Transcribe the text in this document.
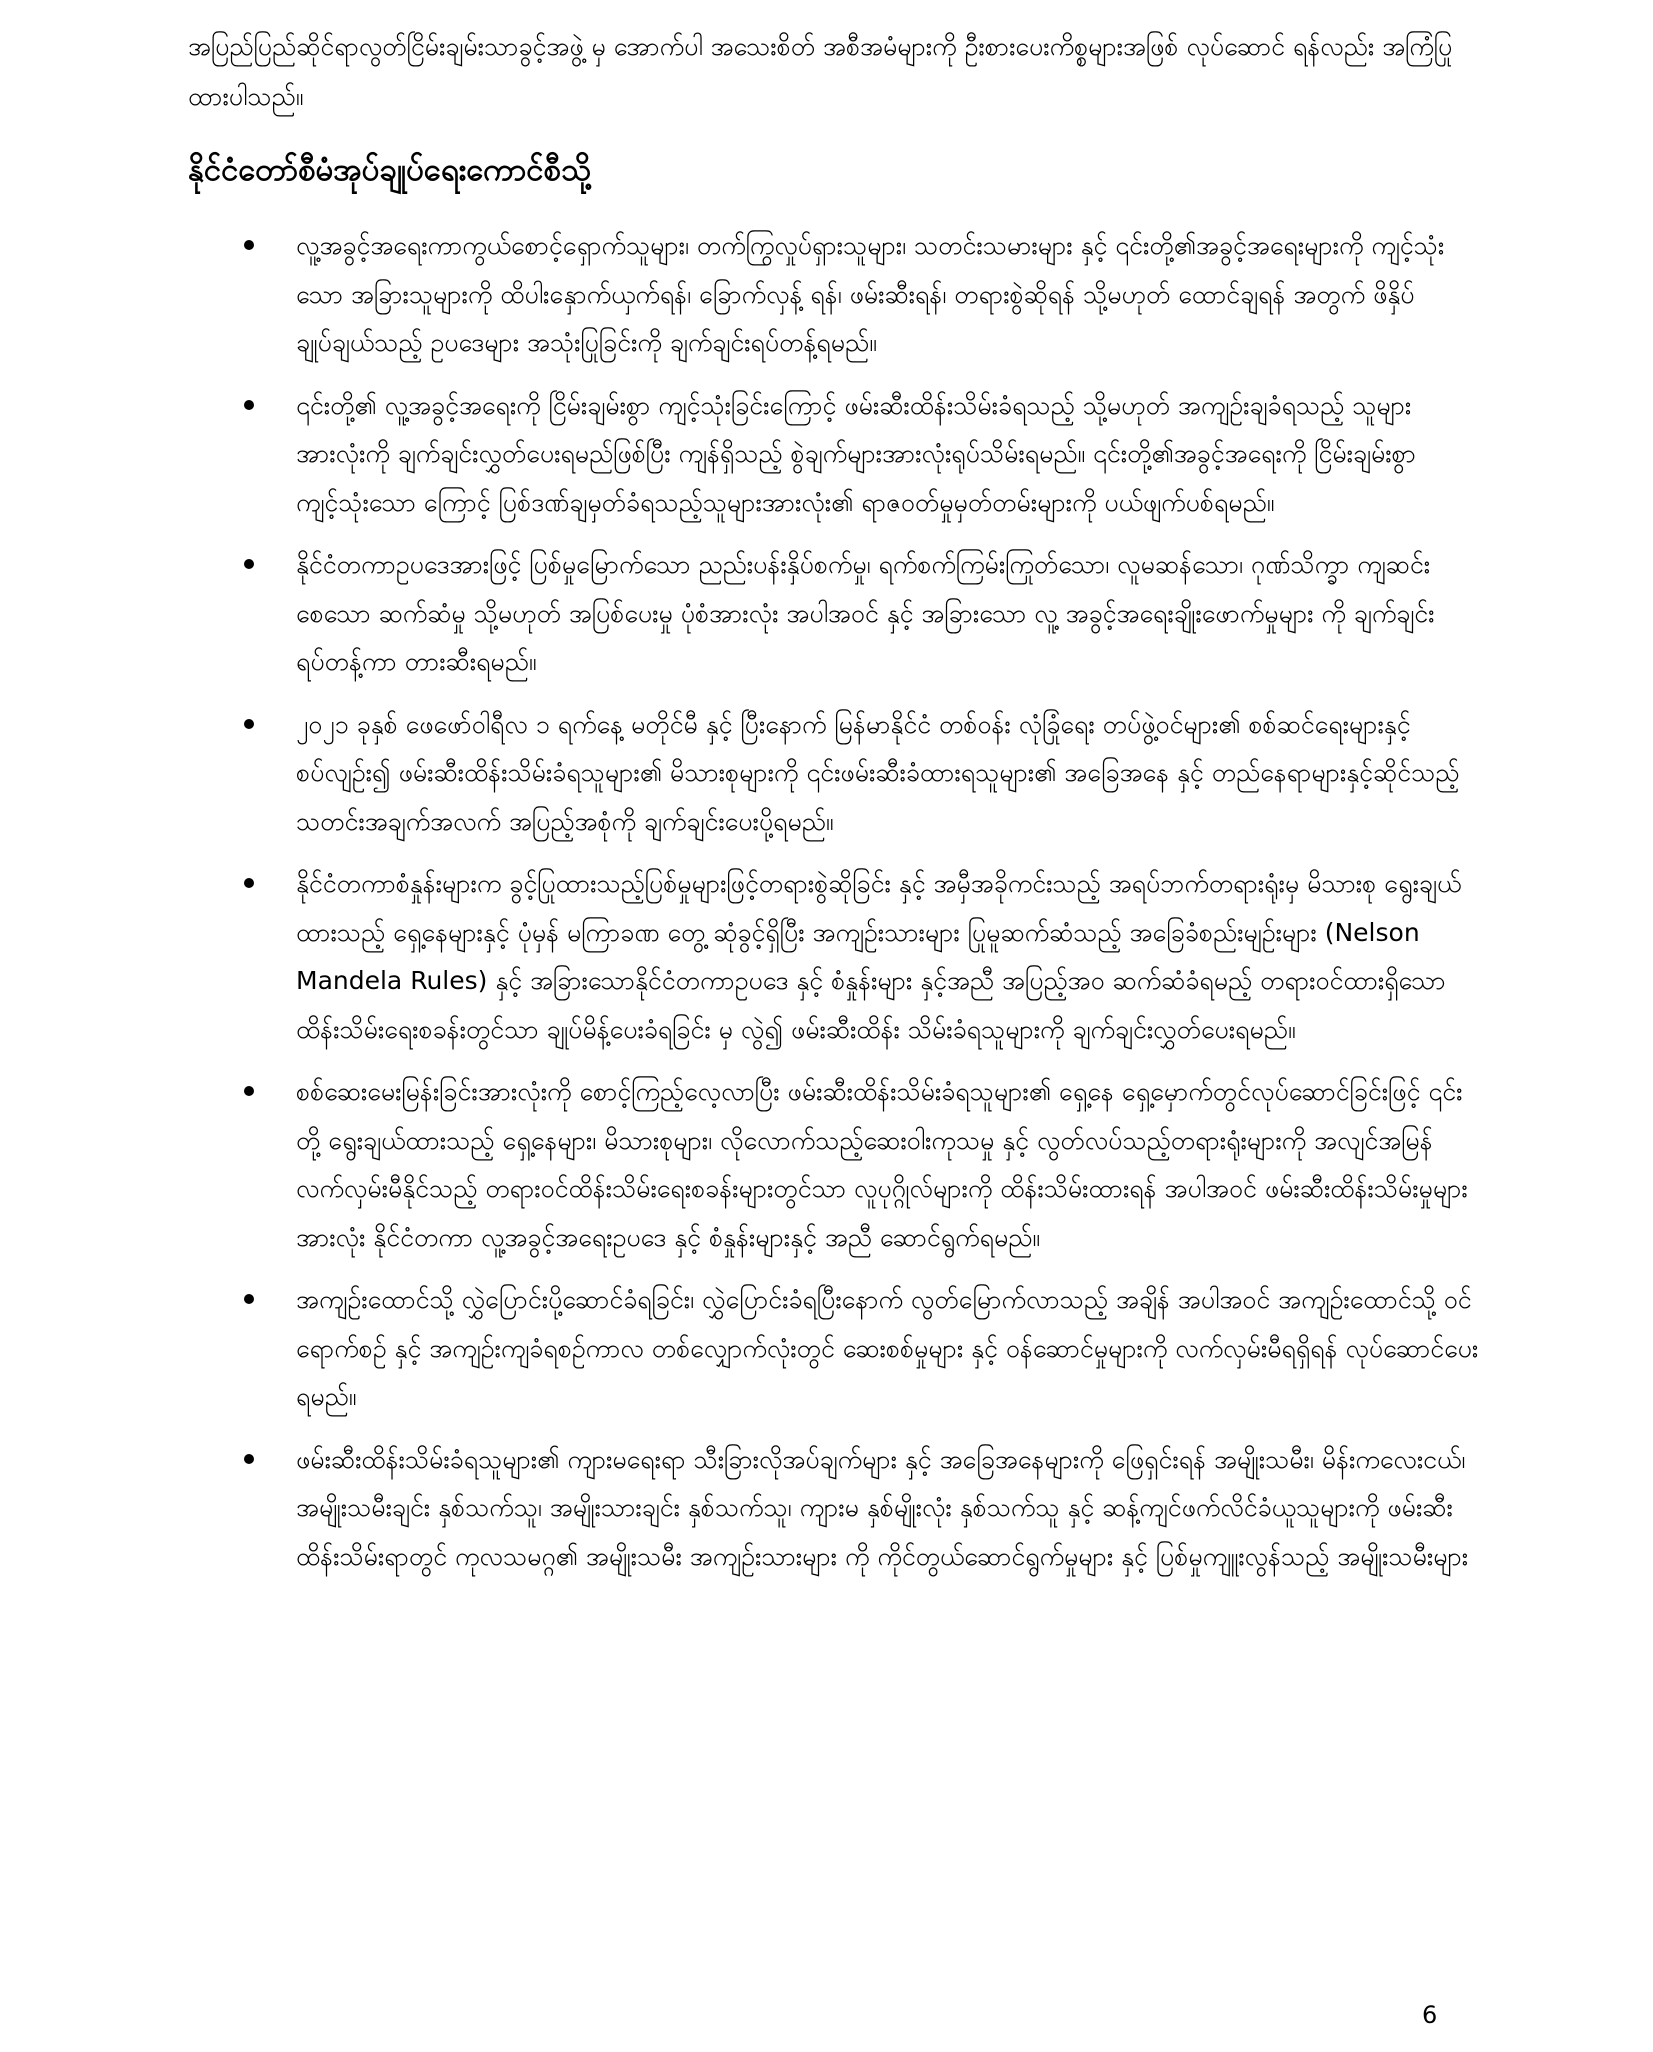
အပြည်ပြည်ဆိုင်ရာလွတ်ငြိမ်းချမ်းသာခွင့်အဖွဲ့ မှ အောက်ပါ အသေးစိတ် အစီအမံများကို ဦးစားပေးကိစ္စများအဖြစ် လုပ်ဆောင် ရန်လည်း အကြံပြုထားပါသည်။

နိုင်ငံတော်စီမံအုပ်ချုပ်ရေးကောင်စီသို့
လူ့အခွင့်အရေးကာကွယ်စောင့်ရှောက်သူများ၊ တက်ကြွလှုပ်ရှားသူများ၊ သတင်းသမားများ နှင့် ၎င်းတို့၏အခွင့်အရေးများကို ကျင့်သုံးသော အခြားသူများကို ထိပါးနှောက်ယှက်ရန်၊ ခြောက်လှန့် ရန်၊ ဖမ်းဆီးရန်၊ တရားစွဲဆိုရန် သို့မဟုတ် ထောင်ချရန် အတွက် ဖိနှိပ်ချုပ်ချယ်သည့် ဥပဒေများ အသုံးပြုခြင်းကို ချက်ချင်းရပ်တန့်ရမည်။
၎င်းတို့၏ လူ့အခွင့်အရေးကို ငြိမ်းချမ်းစွာ ကျင့်သုံးခြင်းကြောင့် ဖမ်းဆီးထိန်းသိမ်းခံရသည့် သို့မဟုတ် အကျဉ်းချခံရသည့် သူများအားလုံးကို ချက်ချင်းလွှတ်ပေးရမည်ဖြစ်ပြီး ကျန်ရှိသည့် စွဲချက်များအားလုံးရုပ်သိမ်းရမည်။ ၎င်းတို့၏အခွင့်အရေးကို ငြိမ်းချမ်းစွာ ကျင့်သုံးသော ကြောင့် ပြစ်ဒဏ်ချမှတ်ခံရသည့်သူများအားလုံး၏ ရာဇဝတ်မှုမှတ်တမ်းများကို ပယ်ဖျက်ပစ်ရမည်။
နိုင်ငံတကာဥပဒေအားဖြင့် ပြစ်မှုမြောက်သော ညည်းပန်းနှိပ်စက်မှု၊ ရက်စက်ကြမ်းကြုတ်သော၊ လူမဆန်သော၊ ဂုဏ်သိက္ခာ ကျဆင်းစေသော ဆက်ဆံမှု သို့မဟုတ် အပြစ်ပေးမှု ပုံစံအားလုံး အပါအဝင် နှင့် အခြားသော လူ့ အခွင့်အရေးချိုးဖောက်မှုများ ကို ချက်ချင်းရပ်တန့်ကာ တားဆီးရမည်။
၂၀၂၁ ခုနှစ် ဖေဖော်ဝါရီလ ၁ ရက်နေ့ မတိုင်မီ နှင့် ပြီးနောက် မြန်မာနိုင်ငံ တစ်ဝန်း လုံခြုံရေး တပ်ဖွဲ့ဝင်များ၏ စစ်ဆင်ရေးများနှင့် စပ်လျဉ်း၍ ဖမ်းဆီးထိန်းသိမ်းခံရသူများ၏ မိသားစုများကို ၎င်းဖမ်းဆီးခံထားရသူများ၏ အခြေအနေ နှင့် တည်နေရာများနှင့်ဆိုင်သည့် သတင်းအချက်အလက် အပြည့်အစုံကို ချက်ချင်းပေးပို့ရမည်။
နိုင်ငံတကာစံနှုန်းများက ခွင့်ပြုထားသည့်ပြစ်မှုများဖြင့်တရားစွဲဆိုခြင်း နှင့် အမှီအခိုကင်းသည့် အရပ်ဘက်တရားရုံးမှ မိသားစု ရွေးချယ်ထားသည့် ရှေ့နေများနှင့် ပုံမှန် မကြာခဏ တွေ့ ဆုံခွင့်ရှိပြီး အကျဉ်းသားများ ပြုမူဆက်ဆံသည့် အခြေခံစည်းမျဉ်းများ (Nelson Mandela Rules) နှင့် အခြားသောနိုင်ငံတကာဥပဒေ နှင့် စံနှုန်းများ နှင့်အညီ အပြည့်အဝ ဆက်ဆံခံရမည့် တရားဝင်ထားရှိသောထိန်းသိမ်းရေးစခန်းတွင်သာ ချုပ်မိန့်ပေးခံရခြင်း မှ လွဲ၍ ဖမ်းဆီးထိန်း သိမ်းခံရသူများကို ချက်ချင်းလွှတ်ပေးရမည်။
စစ်ဆေးမေးမြန်းခြင်းအားလုံးကို စောင့်ကြည့်လေ့လာပြီး ဖမ်းဆီးထိန်းသိမ်းခံရသူများ၏ ရှေ့နေ ရှေ့မှောက်တွင်လုပ်ဆောင်ခြင်းဖြင့် ၎င်းတို့ ရွေးချယ်ထားသည့် ရှေ့နေများ၊ မိသားစုများ၊ လိုလောက်သည့်ဆေးဝါးကုသမှု နှင့် လွတ်လပ်သည့်တရားရုံးများကို အလျင်အမြန် လက်လှမ်းမီနိုင်သည့် တရားဝင်ထိန်းသိမ်းရေးစခန်းများတွင်သာ လူပုဂ္ဂိုလ်များကို ထိန်းသိမ်းထားရန် အပါအဝင် ဖမ်းဆီးထိန်းသိမ်းမှုများအားလုံး နိုင်ငံတကာ လူ့အခွင့်အရေးဥပဒေ နှင့် စံနှုန်းများနှင့် အညီ ဆောင်ရွက်ရမည်။
အကျဉ်းထောင်သို့ လွှဲပြောင်းပို့ဆောင်ခံရခြင်း၊ လွှဲပြောင်းခံရပြီးနောက် လွတ်မြောက်လာသည့် အချိန် အပါအဝင် အကျဉ်းထောင်သို့ ဝင်ရောက်စဉ် နှင့် အကျဉ်းကျခံရစဉ်ကာလ တစ်လျှောက်လုံးတွင် ဆေးစစ်မှုများ နှင့် ဝန်ဆောင်မှုများကို လက်လှမ်းမီရရှိရန် လုပ်ဆောင်ပေးရမည်။
ဖမ်းဆီးထိန်းသိမ်းခံရသူများ၏ ကျားမရေးရာ သီးခြားလိုအပ်ချက်များ နှင့် အခြေအနေများကို ဖြေရှင်းရန် အမျိုးသမီး၊ မိန်းကလေးငယ်၊ အမျိုးသမီးချင်း နှစ်သက်သူ၊ အမျိုးသားချင်း နှစ်သက်သူ၊ ကျားမ နှစ်မျိုးလုံး နှစ်သက်သူ နှင့် ဆန့်ကျင်ဖက်လိင်ခံယူသူများကို ဖမ်းဆီးထိန်းသိမ်းရာတွင် ကုလသမဂ္ဂ၏ အမျိုးသမီး အကျဉ်းသားများ ကို ကိုင်တွယ်ဆောင်ရွက်မှုများ နှင့် ပြစ်မှုကျူးလွန်သည့် အမျိုးသမီးများ

6
